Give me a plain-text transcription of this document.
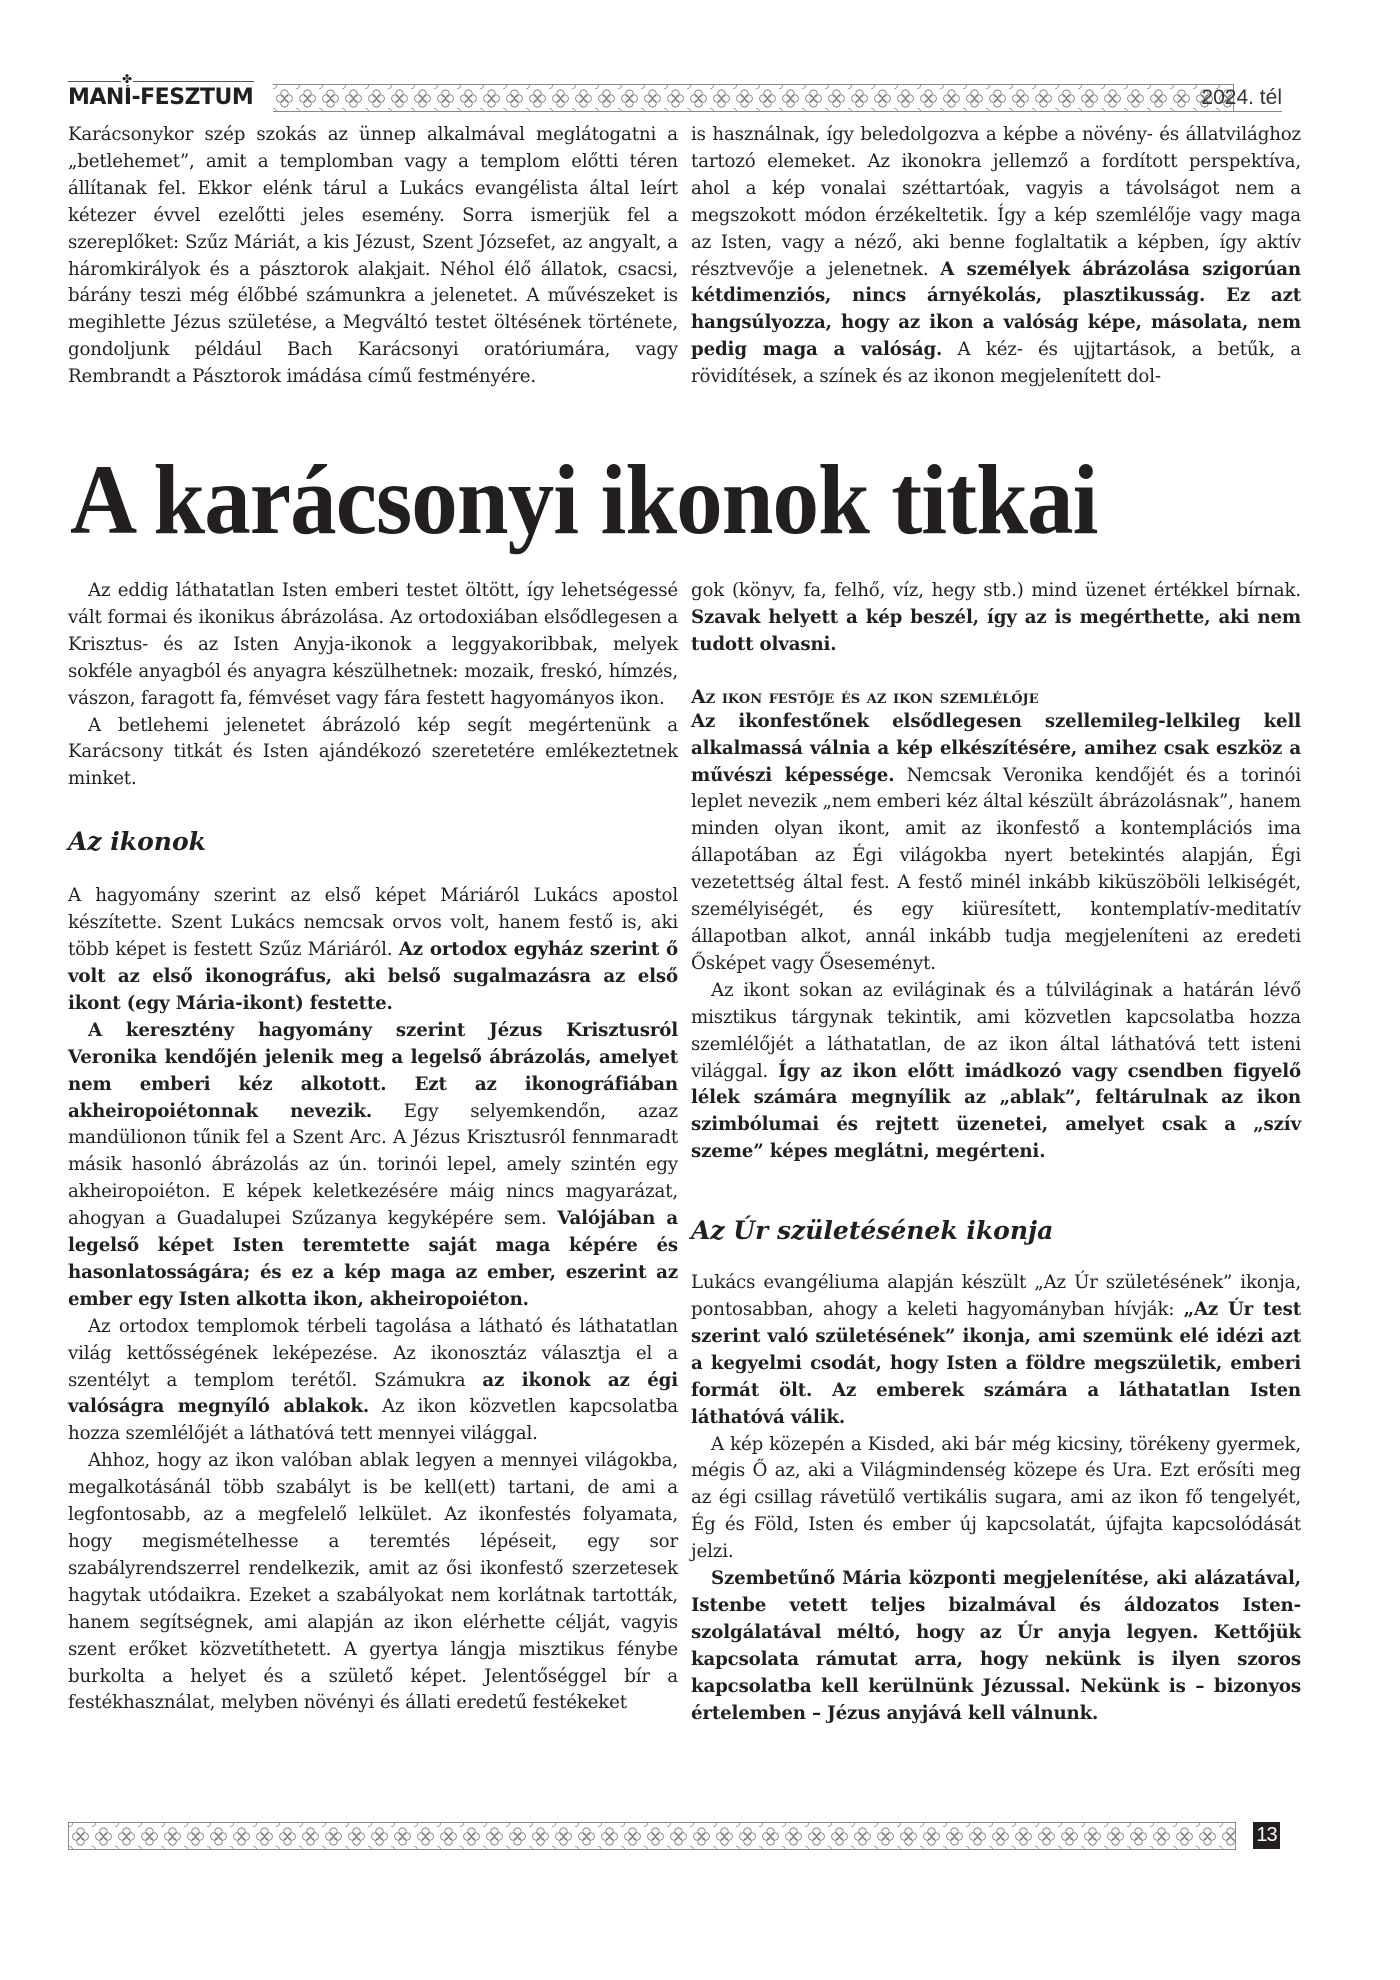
✤
MANÍ-FESZTUM	2024. tél

Karácsonykor szép szokás az ünnep alkalmával meglátogatni a „betlehemet”, amit a templomban vagy a templom előtti téren állítanak fel. Ekkor elénk tárul a Lukács evangélista által leírt kétezer évvel ezelőtti jeles esemény. Sorra ismerjük fel a szereplőket: Szűz Máriát, a kis Jézust, Szent Józsefet, az angyalt, a háromkirályok és a pásztorok alakjait. Néhol élő állatok, csacsi, bárány teszi még élőbbé számunkra a jelenetet. A művészeket is megihlette Jézus születése, a Megváltó testet öltésének története, gondoljunk például Bach Karácsonyi oratóriumára, vagy Rembrandt a Pásztorok imádása című festményére.

is használnak, így beledolgozva a képbe a növény- és állatvilághoz tartozó elemeket. Az ikonokra jellemző a fordított perspektíva, ahol a kép vonalai széttartóak, vagyis a távolságot nem a megszokott módon érzékeltetik. Így a kép szemlélője vagy maga az Isten, vagy a néző, aki benne foglaltatik a képben, így aktív résztvevője a jelenetnek. A személyek ábrázolása szigorúan kétdimenziós, nincs árnyékolás, plasztikusság. Ez azt hangsúlyozza, hogy az ikon a valóság képe, másolata, nem pedig maga a valóság. A kéz- és ujjtartások, a betűk, a rövidítések, a színek és az ikonon megjelenített dol-

A karácsonyi ikonok titkai

Az eddig láthatatlan Isten emberi testet öltött, így lehetségessé vált formai és ikonikus ábrázolása. Az ortodoxiában elsődlegesen a Krisztus- és az Isten Anyja-ikonok a leggyakoribbak, melyek sokféle anyagból és anyagra készülhetnek: mozaik, freskó, hímzés, vászon, faragott fa, fémvéset vagy fára festett hagyományos ikon.

A betlehemi jelenetet ábrázoló kép segít megértenünk a Karácsony titkát és Isten ajándékozó szeretetére emlékeztetnek minket.

Az ikonok

A hagyomány szerint az első képet Máriáról Lukács apostol készítette. Szent Lukács nemcsak orvos volt, hanem festő is, aki több képet is festett Szűz Máriáról. Az ortodox egyház szerint ő volt az első ikonográfus, aki belső sugalmazásra az első ikont (egy Mária-ikont) festette.

A keresztény hagyomány szerint Jézus Krisztusról Veronika kendőjén jelenik meg a legelső ábrázolás, amelyet nem emberi kéz alkotott. Ezt az ikonográfiában akheiropoiétonnak nevezik. Egy selyemkendőn, azaz mandülionon tűnik fel a Szent Arc. A Jézus Krisztusról fennmaradt másik hasonló ábrázolás az ún. torinói lepel, amely szintén egy akheiropoiéton. E képek keletkezésére máig nincs magyarázat, ahogyan a Guadalupei Szűzanya kegyképére sem. Valójában a legelső képet Isten teremtette saját maga képére és hasonlatosságára; és ez a kép maga az ember, eszerint az ember egy Isten alkotta ikon, akheiropoiéton.

Az ortodox templomok térbeli tagolása a látható és láthatatlan világ kettősségének leképezése. Az ikonosztáz választja el a szentélyt a templom terétől. Számukra az ikonok az égi valóságra megnyíló ablakok. Az ikon közvetlen kapcsolatba hozza szemlélőjét a láthatóvá tett mennyei világgal.

Ahhoz, hogy az ikon valóban ablak legyen a mennyei világokba, megalkotásánál több szabályt is be kell(ett) tartani, de ami a legfontosabb, az a megfelelő lelkület. Az ikonfestés folyamata, hogy megismételhesse a teremtés lépéseit, egy sor szabályrendszerrel rendelkezik, amit az ősi ikonfestő szerzetesek hagytak utódaikra. Ezeket a szabályokat nem korlátnak tartották, hanem segítségnek, ami alapján az ikon elérhette célját, vagyis szent erőket közvetíthetett. A gyertya lángja misztikus fénybe burkolta a helyet és a születő képet. Jelentőséggel bír a festékhasználat, melyben növényi és állati eredetű festékeket

gok (könyv, fa, felhő, víz, hegy stb.) mind üzenet értékkel bírnak. Szavak helyett a kép beszél, így az is megérthette, aki nem tudott olvasni.

Az ikon festője és az ikon szemlélője

Az ikonfestőnek elsődlegesen szellemileg-lelkileg kell alkalmassá válnia a kép elkészítésére, amihez csak eszköz a művészi képessége. Nemcsak Veronika kendőjét és a torinói leplet nevezik „nem emberi kéz által készült ábrázolásnak”, hanem minden olyan ikont, amit az ikonfestő a kontemplációs ima állapotában az Égi világokba nyert betekintés alapján, Égi vezetettség által fest. A festő minél inkább kiküszöböli lelkiségét, személyiségét, és egy kiüresített, kontemplatív-meditatív állapotban alkot, annál inkább tudja megjeleníteni az eredeti Ősképet vagy Őseseményt.

Az ikont sokan az eviláginak és a túlviláginak a határán lévő misztikus tárgynak tekintik, ami közvetlen kapcsolatba hozza szemlélőjét a láthatatlan, de az ikon által láthatóvá tett isteni világgal. Így az ikon előtt imádkozó vagy csendben figyelő lélek számára megnyílik az „ablak”, feltárulnak az ikon szimbólumai és rejtett üzenetei, amelyet csak a „szív szeme” képes meglátni, megérteni.

Az Úr születésének ikonja

Lukács evangéliuma alapján készült „Az Úr születésének” ikonja, pontosabban, ahogy a keleti hagyományban hívják: „Az Úr test szerint való születésének” ikonja, ami szemünk elé idézi azt a kegyelmi csodát, hogy Isten a földre megszületik, emberi formát ölt. Az emberek számára a láthatatlan Isten láthatóvá válik.

A kép közepén a Kisded, aki bár még kicsiny, törékeny gyermek, mégis Ő az, aki a Világmindenség közepe és Ura. Ezt erősíti meg az égi csillag rávetülő vertikális sugara, ami az ikon fő tengelyét, Ég és Föld, Isten és ember új kapcsolatát, újfajta kapcsolódását jelzi.

Szembetűnő Mária központi megjelenítése, aki alázatával, Istenbe vetett teljes bizalmával és áldozatos Isten-szolgálatával méltó, hogy az Úr anyja legyen. Kettőjük kapcsolata rámutat arra, hogy nekünk is ilyen szoros kapcsolatba kell kerülnünk Jézussal. Nekünk is – bizonyos értelemben – Jézus anyjává kell válnunk.

13
